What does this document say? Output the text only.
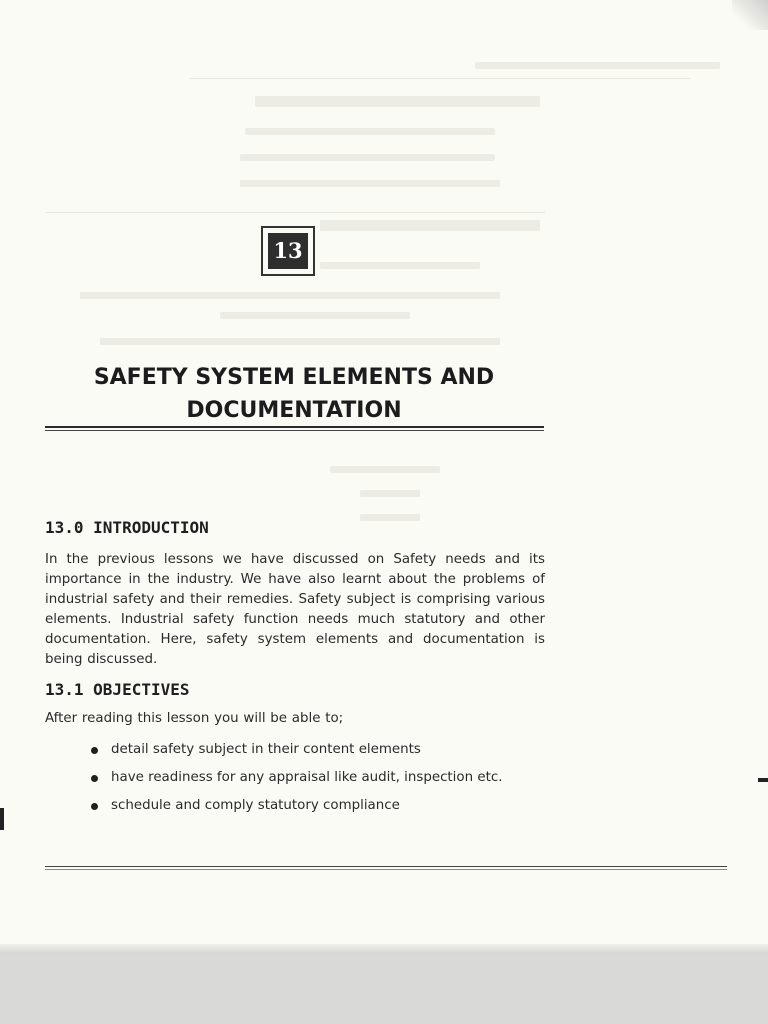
13
SAFETY SYSTEM ELEMENTS AND
DOCUMENTATION
13.0 INTRODUCTION
In the previous lessons we have discussed on Safety needs and its importance in the industry. We have also learnt about the problems of industrial safety and their remedies. Safety subject is comprising various elements. Industrial safety function needs much statutory and other documentation. Here, safety system elements and documentation is being discussed.
13.1 OBJECTIVES
After reading this lesson you will be able to;
detail safety subject in their content elements
have readiness for any appraisal like audit, inspection etc.
schedule and comply statutory compliance
